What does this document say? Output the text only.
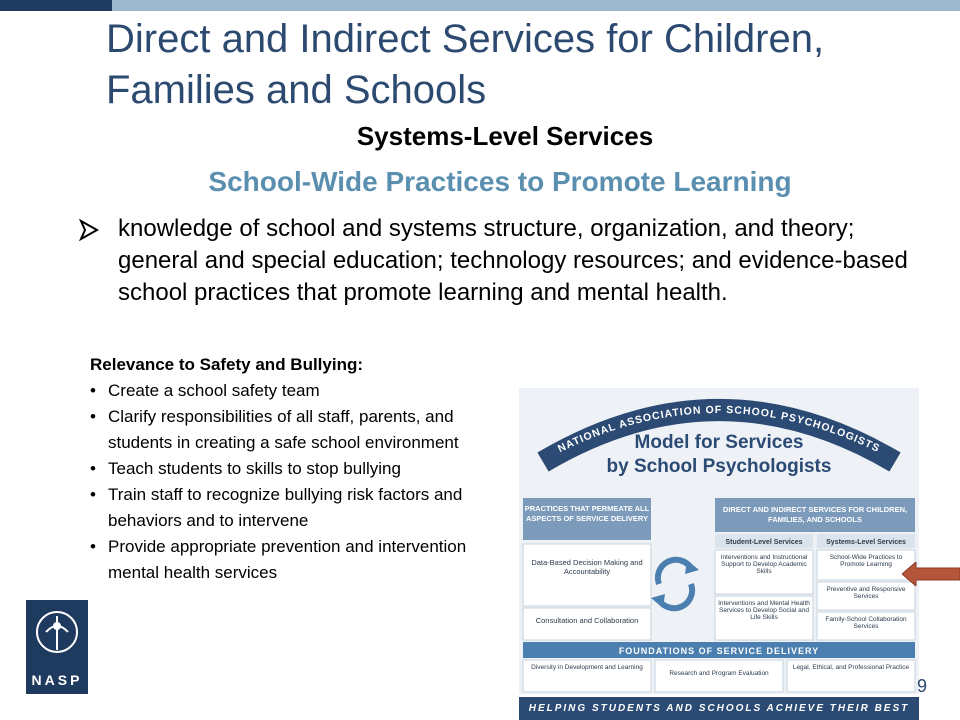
Direct and Indirect Services for Children, Families and Schools
Systems-Level Services
School-Wide Practices to Promote Learning
knowledge of school and systems structure, organization, and theory; general and special education; technology resources; and evidence-based school practices that promote learning and mental health.
Relevance to Safety and Bullying:
• Create a school safety team
• Clarify responsibilities of all staff, parents, and students in creating a safe school environment
• Teach students to skills to stop bullying
• Train staff to recognize bullying risk factors and behaviors and to intervene
• Provide appropriate prevention and intervention mental health services
NASP
NATIONAL ASSOCIATION OF SCHOOL PSYCHOLOGISTS
Model for Services
by School Psychologists
PRACTICES THAT PERMEATE ALL ASPECTS OF SERVICE DELIVERY
Data-Based Decision Making and Accountability
Consultation and Collaboration
DIRECT AND INDIRECT SERVICES FOR CHILDREN, FAMILIES, AND SCHOOLS
Student-Level Services	Systems-Level Services
Interventions and Instructional Support to Develop Academic Skills
Interventions and Mental Health Services to Develop Social and Life Skills
School-Wide Practices to Promote Learning
Preventive and Responsive Services
Family-School Collaboration Services
FOUNDATIONS OF SERVICE DELIVERY
Diversity in Development and Learning
Research and Program Evaluation
Legal, Ethical, and Professional Practice
HELPING STUDENTS AND SCHOOLS ACHIEVE THEIR BEST
9
